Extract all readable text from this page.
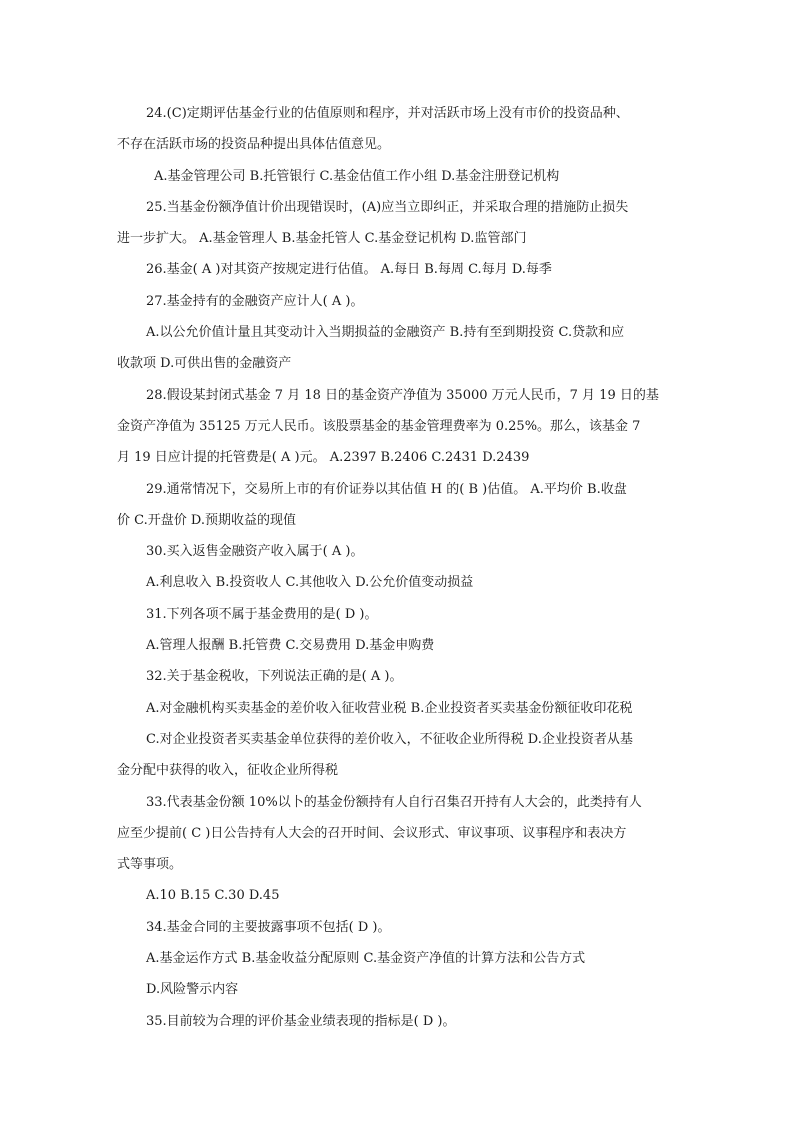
24.(C)定期评估基金行业的估值原则和程序，并对活跃市场上没有市价的投资品种、
不存在活跃市场的投资品种提出具体估值意见。
A.基金管理公司 B.托管银行 C.基金估值工作小组 D.基金注册登记机构
25.当基金份额净值计价出现错误时，(A)应当立即纠正，并采取合理的措施防止损失
进一步扩大。 A.基金管理人 B.基金托管人 C.基金登记机构 D.监管部门
26.基金( A )对其资产按规定进行估值。 A.每日 B.每周 C.每月 D.每季
27.基金持有的金融资产应计人( A )。
A.以公允价值计量且其变动计入当期损益的金融资产 B.持有至到期投资 C.贷款和应
收款项 D.可供出售的金融资产
28.假设某封闭式基金 7 月 18 日的基金资产净值为 35000 万元人民币，7 月 19 日的基
金资产净值为 35125 万元人民币。该股票基金的基金管理费率为 0.25%。那么，该基金 7
月 19 日应计提的托管费是( A )元。 A.2397 B.2406 C.2431 D.2439
29.通常情况下，交易所上市的有价证券以其估值 H 的( B )估值。 A.平均价 B.收盘
价 C.开盘价 D.预期收益的现值
30.买入返售金融资产收入属于( A )。
A.利息收入 B.投资收人 C.其他收入 D.公允价值变动损益
31.下列各项不属于基金费用的是( D )。
A.管理人报酬 B.托管费 C.交易费用 D.基金申购费
32.关于基金税收，下列说法正确的是( A )。
A.对金融机构买卖基金的差价收入征收营业税 B.企业投资者买卖基金份额征收印花税
C.对企业投资者买卖基金单位获得的差价收入，不征收企业所得税 D.企业投资者从基
金分配中获得的收入，征收企业所得税
33.代表基金份额 10%以卜的基金份额持有人自行召集召开持有人大会的，此类持有人
应至少提前( C )日公告持有人大会的召开时间、会议形式、审议事项、议事程序和表决方
式等事项。
A.10 B.15 C.30 D.45
34.基金合同的主要披露事项不包括( D )。
A.基金运作方式 B.基金收益分配原则 C.基金资产净值的计算方法和公告方式
D.风险警示内容
35.目前较为合理的评价基金业绩表现的指标是( D )。
